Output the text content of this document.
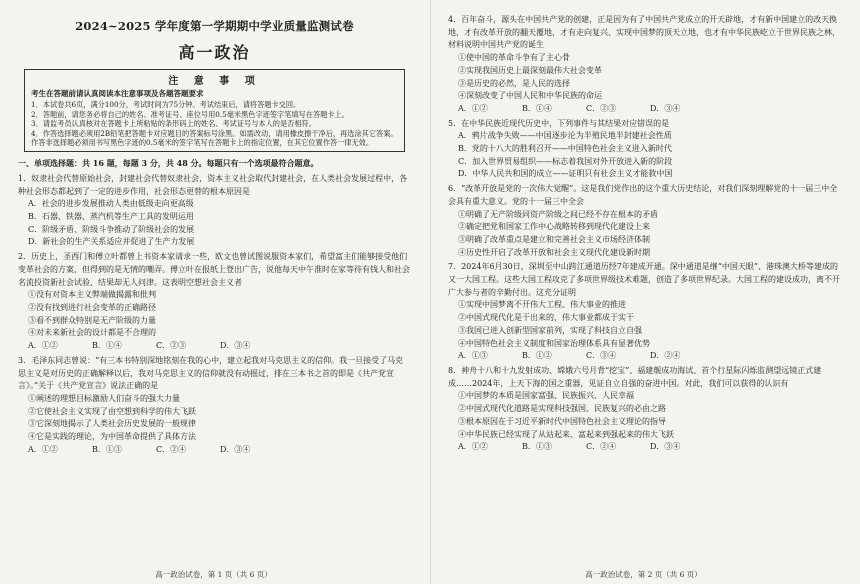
2024~2025 学年度第一学期期中学业质量监测试卷
高一政治
注 意 事 项
考生在答题前请认真阅读本注意事项及各题答题要求
1．本试卷共6页，满分100分，考试时间为75分钟。考试结束后，请将答题卡交回。
2．答题前，请您务必将自己的姓名、准考证号、座位号用0.5毫米黑色字迹签字笔填写在答题卡上。
3．请监考员认真核对在答题卡上所粘贴的条形码上的姓名、考试证号与本人的是否相符。
4．作答选择题必须用2B铅笔把答题卡对应题目的答案标号涂黑。如需改动，请用橡皮擦干净后，再选涂其它答案。作答非选择题必须用书写黑色字迹的0.5毫米的签字笔写在答题卡上的指定位置，在其它位置作答一律无效。
一、单项选择题：共 16 题，每题 3 分，共 48 分。每题只有一个选项最符合题意。
1．奴隶社会代替原始社会，封建社会代替奴隶社会，资本主义社会取代封建社会，在人类社会发展过程中，各种社会形态都起到了一定的进步作用，社会形态更替的根本原因是
A．社会的进步发展推动人类由低级走向更高级
B．石器、铁器、蒸汽机等生产工具的发明运用
C．阶级矛盾、阶级斗争推动了阶级社会的发展
D．新社会的生产关系适应并促进了生产力发展
2．历史上，圣西门和傅立叶都曾上书资本家请求一些，欧文也曾试图说服资本家们，希望富主们能够接受他们变革社会的方案，但得到的是无情的嘲弄。傅立叶在报纸上登出广告，说他每天中午准时在家等待有钱人和社会名流投资新社会试验，结果却无人问津。这表明空想社会主义者
①没有对资本主义弊端做揭露和批判
②没有找到进行社会变革的正确路径
③看不到群众特别是无产阶级的力量
④对未来新社会的设计都是不合理的
A．①②	B．①④	C．②③	D．③④
3．毛泽东同志曾说：“有三本书特别深地铭刻在我的心中，建立起我对马克思主义的信仰。我一旦接受了马克思主义是对历史的正确解释以后，我对马克思主义的信仰就没有动摇过，排在三本书之首的即是《共产党宣言》。”关于《共产党宣言》说法正确的是
①阐述的理想目标激励人们奋斗的强大力量
②它使社会主义实现了由空想到科学的伟大飞跃
③它深刻地揭示了人类社会历史发展的一般规律
④它是实践的理论，为中国革命提供了具体方法
A．①②	B．①③	C．②④	D．③④
高一政治试卷，第 1 页（共 6 页）
4．百年奋斗，源头在中国共产党的创建，正是因为有了中国共产党成立的开天辟地，才有新中国建立的改天换地，才有改革开放的翻天覆地，才有走向复兴、实现中国梦的顶天立地，也才有中华民族屹立于世界民族之林，材料说明中国共产党的诞生
①使中国的革命斗争有了主心骨
②实现我国历史上最深刻最伟大社会变革
③是历史的必然，是人民的选择
④深刻改变了中国人民和中华民族的命运
A．①②	B．①④	C．②③	D．③④
5．在中华民族近现代历史中，下列事件与其结果对应错误的是
A．鸦片战争失败——中国逐步沦为半殖民地半封建社会性质
B．党的十八大的胜利召开——中国特色社会主义进入新时代
C．加入世界贸易组织——标志着我国对外开放进入新的阶段
D．中华人民共和国的成立——证明只有社会主义才能救中国
6．“改革开放是党的一次伟大觉醒”。这是我们党作出的这个重大历史结论，对我们深刻理解党的十一届三中全会具有重大意义。党的十一届三中全会
①明确了无产阶级同资产阶级之间已经不存在根本的矛盾
②确定把党和国家工作中心战略转移到现代化建设上来
③明确了改革重点是建立和完善社会主义市场经济体制
④历史性开启了改革开放和社会主义现代化建设新时期
7．2024年6月30日，深圳至中山跨江通道历经7年建成开通。深中通道是继“中国天眼”、港珠澳大桥等建成的又一大国工程。这些大国工程攻克了多项世界级技术难题，创造了多项世界纪录。大国工程的建设成功，离不开广大参与者的辛勤付出。这充分证明
①实现中国梦离不开伟大工程、伟大事业的推进
②中国式现代化是干出来的，伟大事业都成于实干
③我国已进入创新型国家前列，实现了科技自立自强
④中国特色社会主义制度和国家治理体系具有显著优势
A．①③	B．①②	C．③④	D．②④
8．神舟十八和十九发射成功、嫦娥六号月背“挖宝”、福建舰成功海试、首个行星际闪烁监测望远镜正式建成……2024年，上天下海的国之重器，见证自立自强的奋进中国。对此，我们可以获得的认识有
①中国梦的本质是国家富强、民族振兴、人民幸福
②中国式现代化道路是实现科技强国、民族复兴的必由之路
③根本原因在于习近平新时代中国特色社会主义理论的指导
④中华民族已经实现了从站起来、富起来到强起来的伟大飞跃
A．①②	B．①③	C．②④	D．③④
高一政治试卷，第 2 页（共 6 页）
